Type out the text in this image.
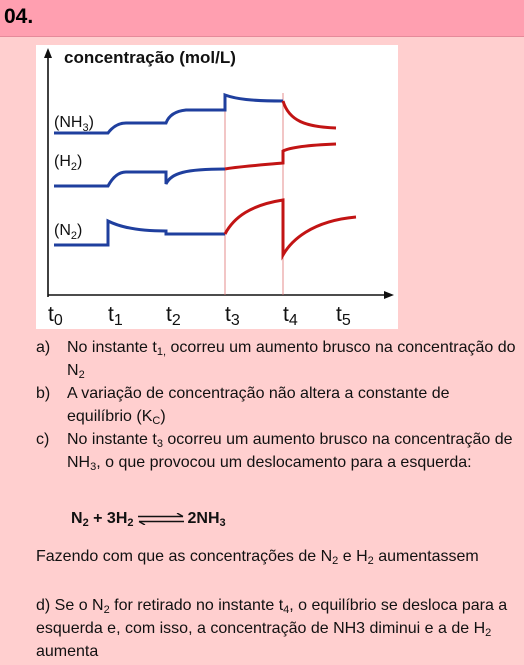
04.
concentração (mol/L)
$(NH_3)$
$(H_2)$
$(N_2)$
t0 t1 t2 t3 t4 t5
a)	No instante $t_{1,}$ ocorreu um aumento brusco na concentração do $N_2$
b)	A variação de concentração não altera a constante de equilíbrio $(K_C)$
c)	No instante $t_3$ ocorreu um aumento brusco na concentração de $NH_3$, o que provocou um deslocamento para a esquerda:
$N_2 + 3H_2$ ⇌ $2NH_3$
Fazendo com que as concentrações de $N_2$ e $H_2$ aumentassem
d) Se o $N_2$ for retirado no instante $t_4$, o equilíbrio se desloca para a esquerda e, com isso, a concentração de NH3 diminui e a de $H_2$ aumenta
